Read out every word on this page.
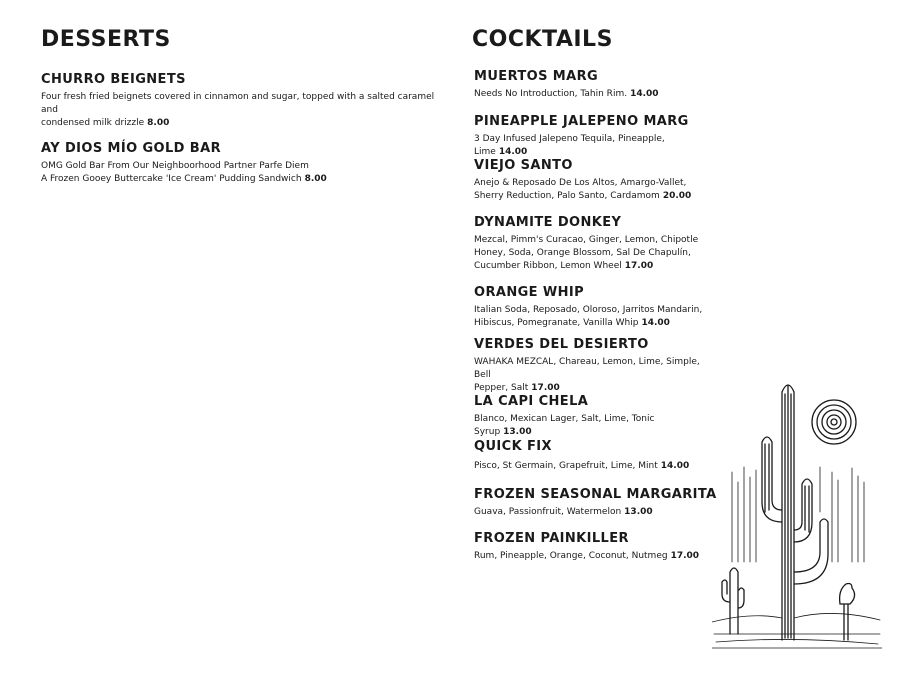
DESSERTS
CHURRO BEIGNETS

Four fresh fried beignets covered in cinnamon and sugar, topped with a salted caramel and
condensed milk drizzle 8.00

AY DIOS MÍO GOLD BAR

OMG Gold Bar From Our Neighboorhood Partner Parfe Diem
A Frozen Gooey Buttercake 'Ice Cream' Pudding Sandwich 8.00

COCKTAILS
MUERTOS MARG

Needs No Introduction, Tahin Rim. 14.00

PINEAPPLE JALEPENO MARG

3 Day Infused Jalepeno Tequila, Pineapple, Lime 14.00

VIEJO SANTO

Anejo & Reposado De Los Altos, Amargo-Vallet,
Sherry Reduction, Palo Santo, Cardamom 20.00

DYNAMITE DONKEY

Mezcal, Pimm's Curacao, Ginger, Lemon, Chipotle
Honey, Soda, Orange Blossom, Sal De Chapulín,
Cucumber Ribbon, Lemon Wheel 17.00

ORANGE WHIP

Italian Soda, Reposado, Oloroso, Jarritos Mandarin,
Hibiscus, Pomegranate, Vanilla Whip 14.00

VERDES DEL DESIERTO

WAHAKA MEZCAL, Chareau, Lemon, Lime, Simple, Bell
Pepper, Salt 17.00

LA CAPI CHELA

Blanco, Mexican Lager, Salt, Lime, Tonic Syrup 13.00

QUICK FIX

Pisco, St Germain, Grapefruit, Lime, Mint 14.00

FROZEN SEASONAL MARGARITA

Guava, Passionfruit, Watermelon 13.00

FROZEN PAINKILLER

Rum, Pineapple, Orange, Coconut, Nutmeg 17.00
